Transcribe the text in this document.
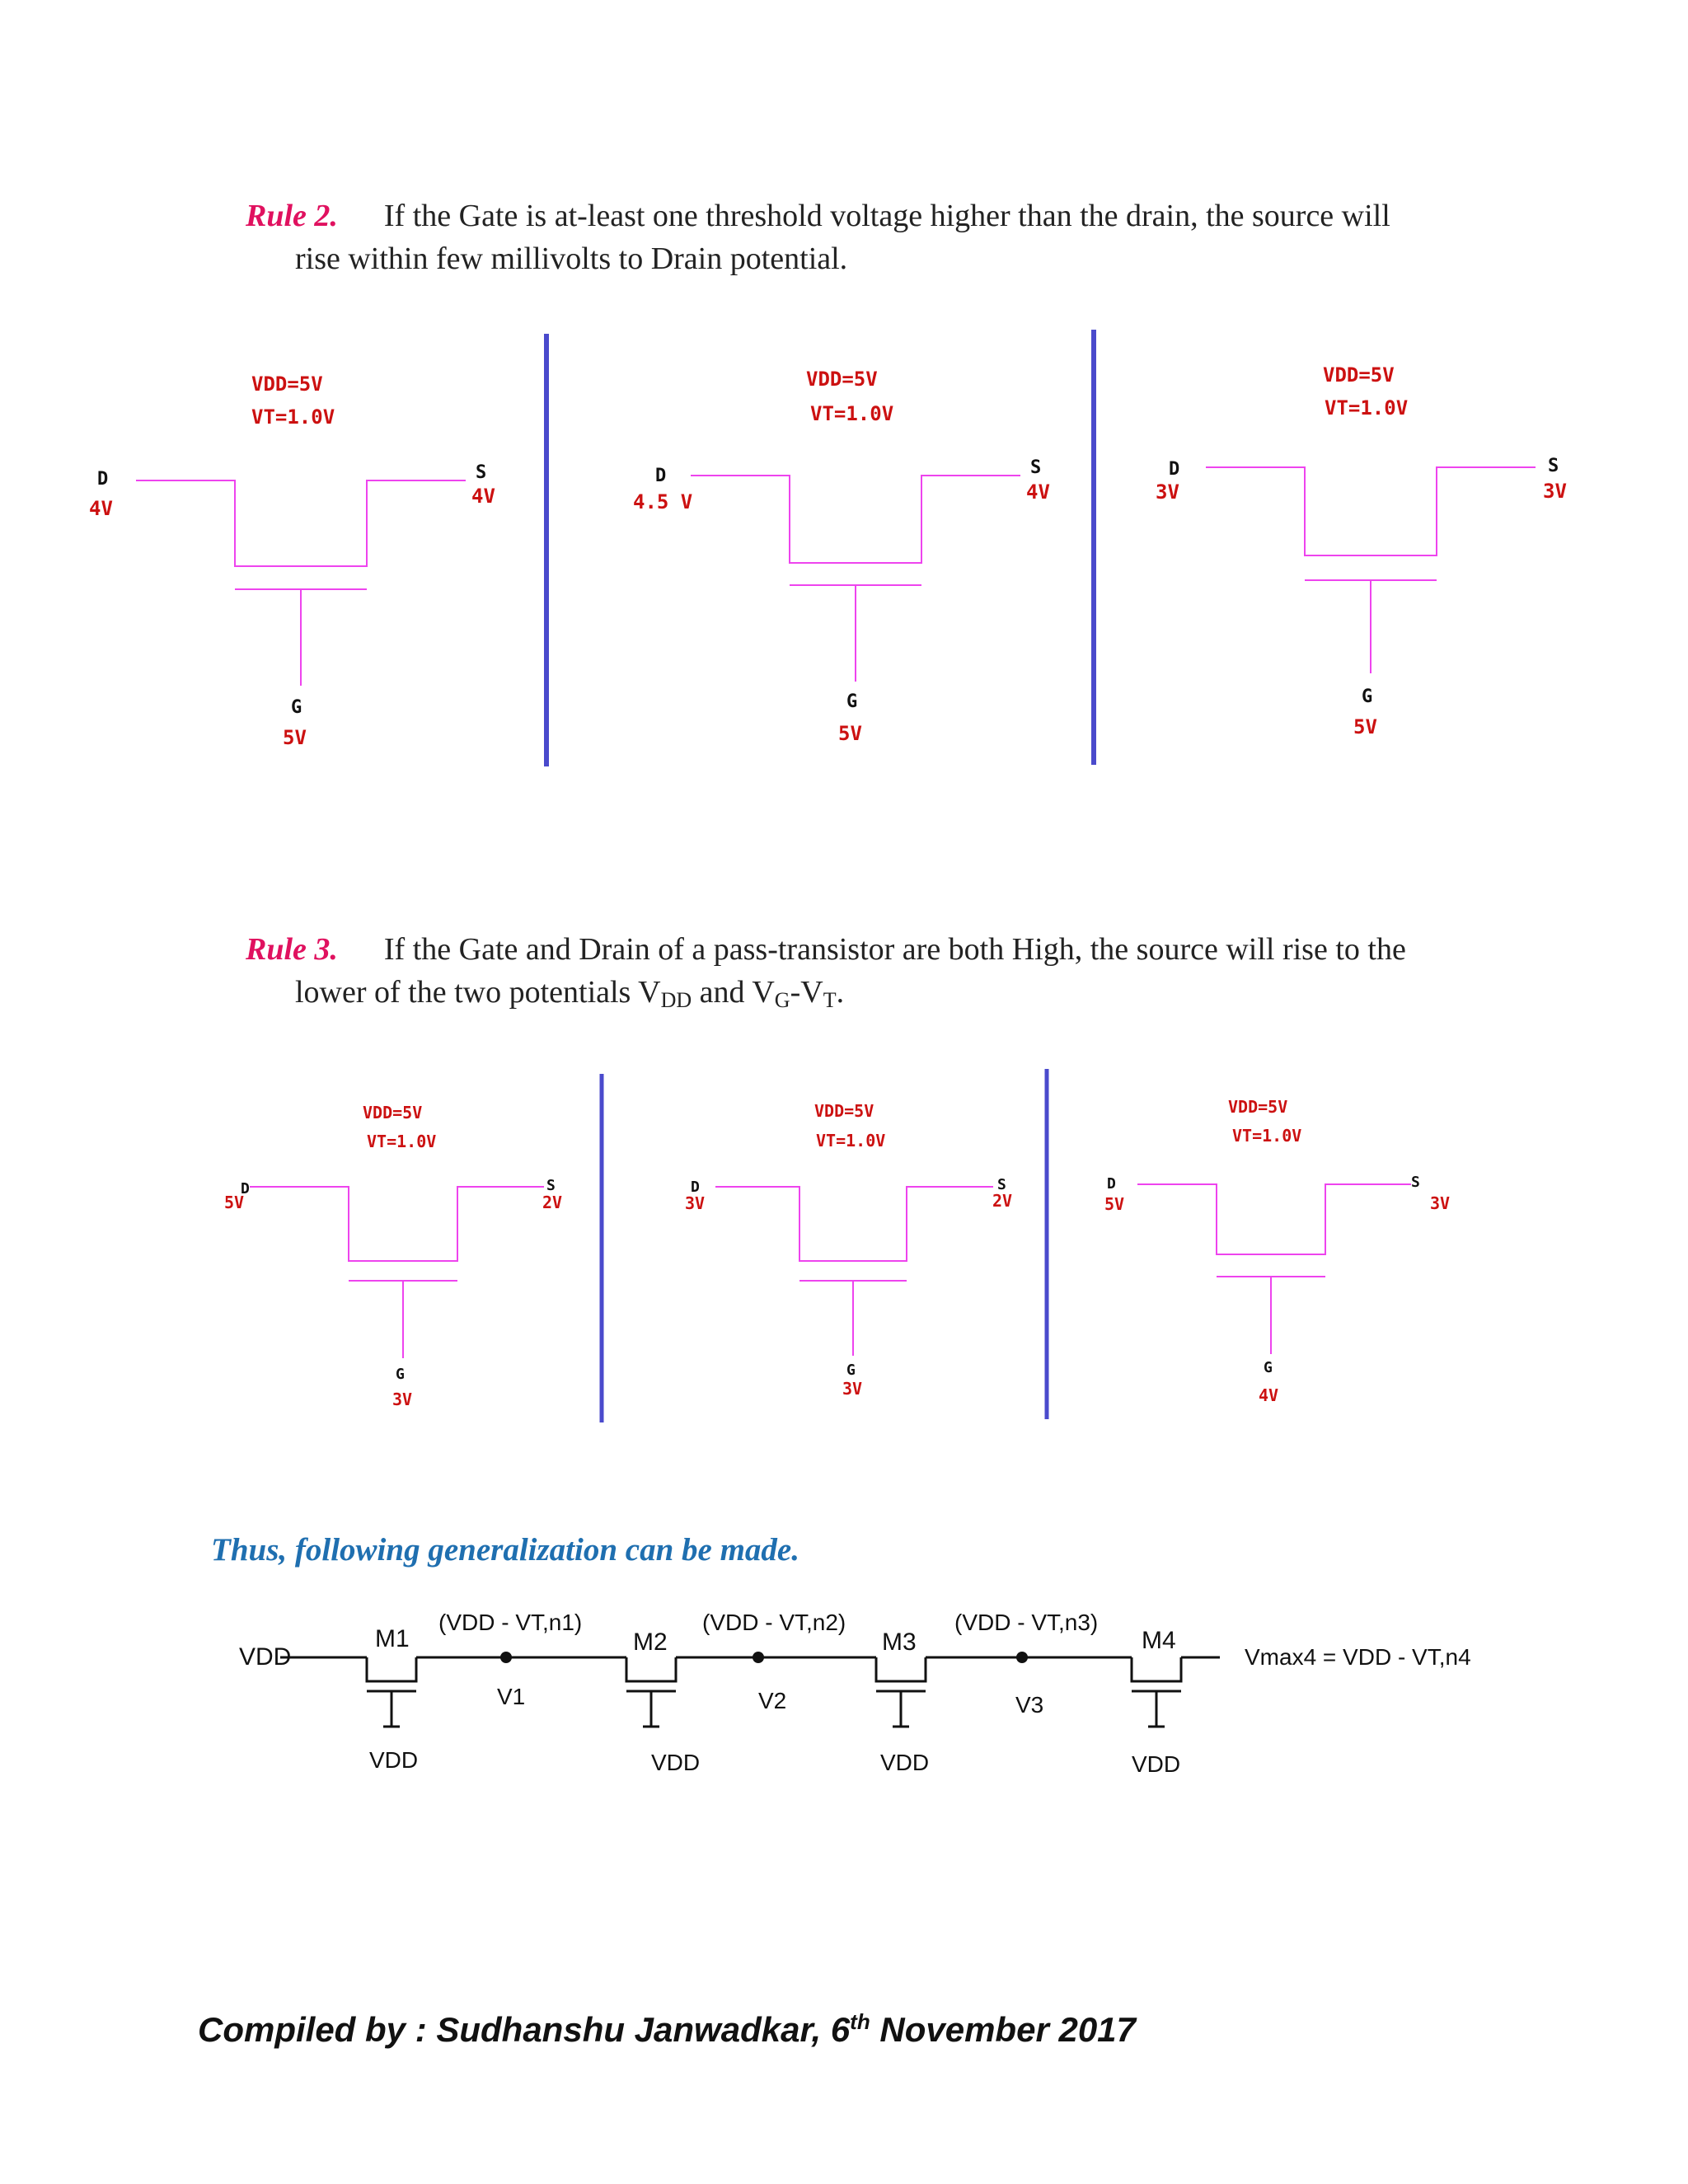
Rule 2. If the Gate is at-least one threshold voltage higher than the drain, the source will
rise within few millivolts to Drain potential.
VDD=5V
VT=1.0V
D
4V
S
4V
G
5V
VDD=5V
VT=1.0V
D
4.5 V
S
4V
G
5V
VDD=5V
VT=1.0V
D
3V
S
3V
G
5V
Rule 3. If the Gate and Drain of a pass-transistor are both High, the source will rise to the
lower of the two potentials $V_{DD}$ and $V_G-V_T$.
VDD=5V
VT=1.0V
D
5V
S
2V
G
3V
VDD=5V
VT=1.0V
D
3V
S
2V
G
3V
VDD=5V
VT=1.0V
D
5V
S
3V
G
4V
Thus, following generalization can be made.
VDD
M1	M2	M3	M4
(VDD - VT,n1)	(VDD - VT,n2)	(VDD - VT,n3)
V1	V2	V3
VDD	VDD	VDD	VDD
Vmax4 = VDD - VT,n4
Compiled by : Sudhanshu Janwadkar, 6th November 2017
